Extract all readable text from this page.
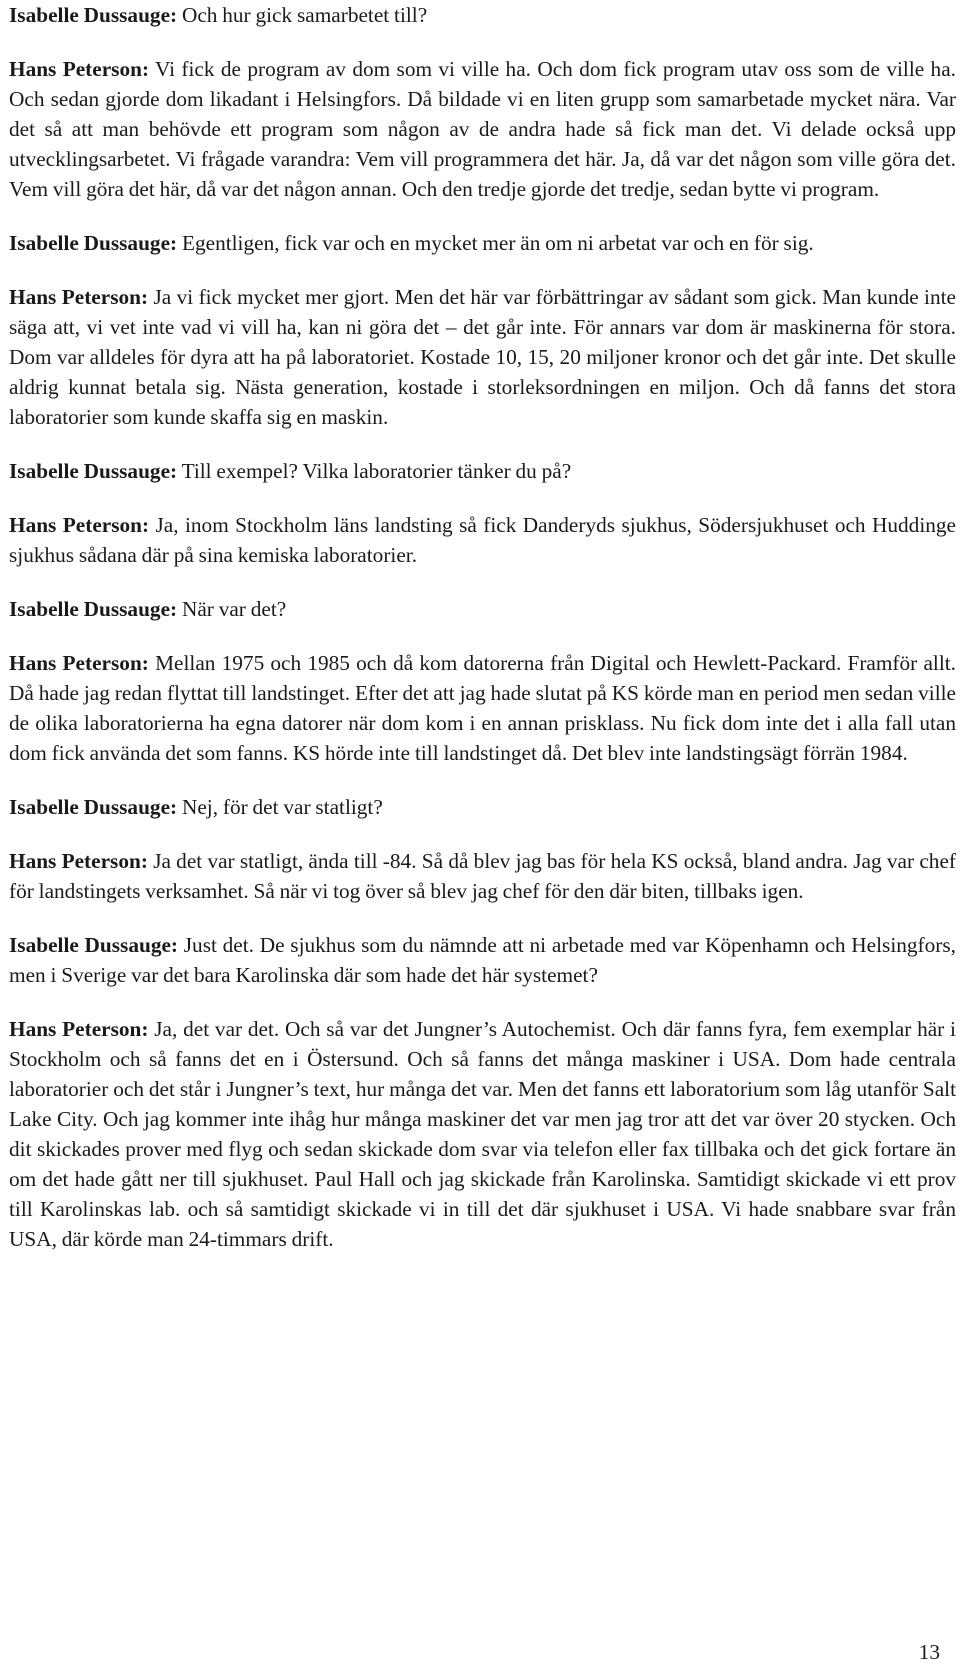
Isabelle Dussauge: Och hur gick samarbetet till?

Hans Peterson: Vi fick de program av dom som vi ville ha. Och dom fick program utav oss som de ville ha. Och sedan gjorde dom likadant i Helsingfors. Då bildade vi en liten grupp som samarbetade mycket nära. Var det så att man behövde ett program som någon av de andra hade så fick man det. Vi delade också upp utvecklingsarbetet. Vi frågade varandra: Vem vill programmera det här. Ja, då var det någon som ville göra det. Vem vill göra det här, då var det någon annan. Och den tredje gjorde det tredje, sedan bytte vi program.

Isabelle Dussauge: Egentligen, fick var och en mycket mer än om ni arbetat var och en för sig.

Hans Peterson: Ja vi fick mycket mer gjort. Men det här var förbättringar av sådant som gick. Man kunde inte säga att, vi vet inte vad vi vill ha, kan ni göra det – det går inte. För annars var dom är maskinerna för stora. Dom var alldeles för dyra att ha på laboratoriet. Kostade 10, 15, 20 miljoner kronor och det går inte. Det skulle aldrig kunnat betala sig. Nästa generation, kostade i storleksordningen en miljon. Och då fanns det stora laboratorier som kunde skaffa sig en maskin.

Isabelle Dussauge: Till exempel? Vilka laboratorier tänker du på?

Hans Peterson: Ja, inom Stockholm läns landsting så fick Danderyds sjukhus, Södersjukhuset och Huddinge sjukhus sådana där på sina kemiska laboratorier.

Isabelle Dussauge: När var det?

Hans Peterson: Mellan 1975 och 1985 och då kom datorerna från Digital och Hewlett-Packard. Framför allt. Då hade jag redan flyttat till landstinget. Efter det att jag hade slutat på KS körde man en period men sedan ville de olika laboratorierna ha egna datorer när dom kom i en annan prisklass. Nu fick dom inte det i alla fall utan dom fick använda det som fanns. KS hörde inte till landstinget då. Det blev inte landstingsägt förrän 1984.

Isabelle Dussauge: Nej, för det var statligt?

Hans Peterson: Ja det var statligt, ända till -84. Så då blev jag bas för hela KS också, bland andra. Jag var chef för landstingets verksamhet. Så när vi tog över så blev jag chef för den där biten, tillbaks igen.

Isabelle Dussauge: Just det. De sjukhus som du nämnde att ni arbetade med var Köpenhamn och Helsingfors, men i Sverige var det bara Karolinska där som hade det här systemet?

Hans Peterson: Ja, det var det. Och så var det Jungner’s Autochemist. Och där fanns fyra, fem exemplar här i Stockholm och så fanns det en i Östersund. Och så fanns det många maskiner i USA. Dom hade centrala laboratorier och det står i Jungner’s text, hur många det var. Men det fanns ett laboratorium som låg utanför Salt Lake City. Och jag kommer inte ihåg hur många maskiner det var men jag tror att det var över 20 stycken. Och dit skickades prover med flyg och sedan skickade dom svar via telefon eller fax tillbaka och det gick fortare än om det hade gått ner till sjukhuset. Paul Hall och jag skickade från Karolinska. Samtidigt skickade vi ett prov till Karolinskas lab. och så samtidigt skickade vi in till det där sjukhuset i USA. Vi hade snabbare svar från USA, där körde man 24-timmars drift.

13
